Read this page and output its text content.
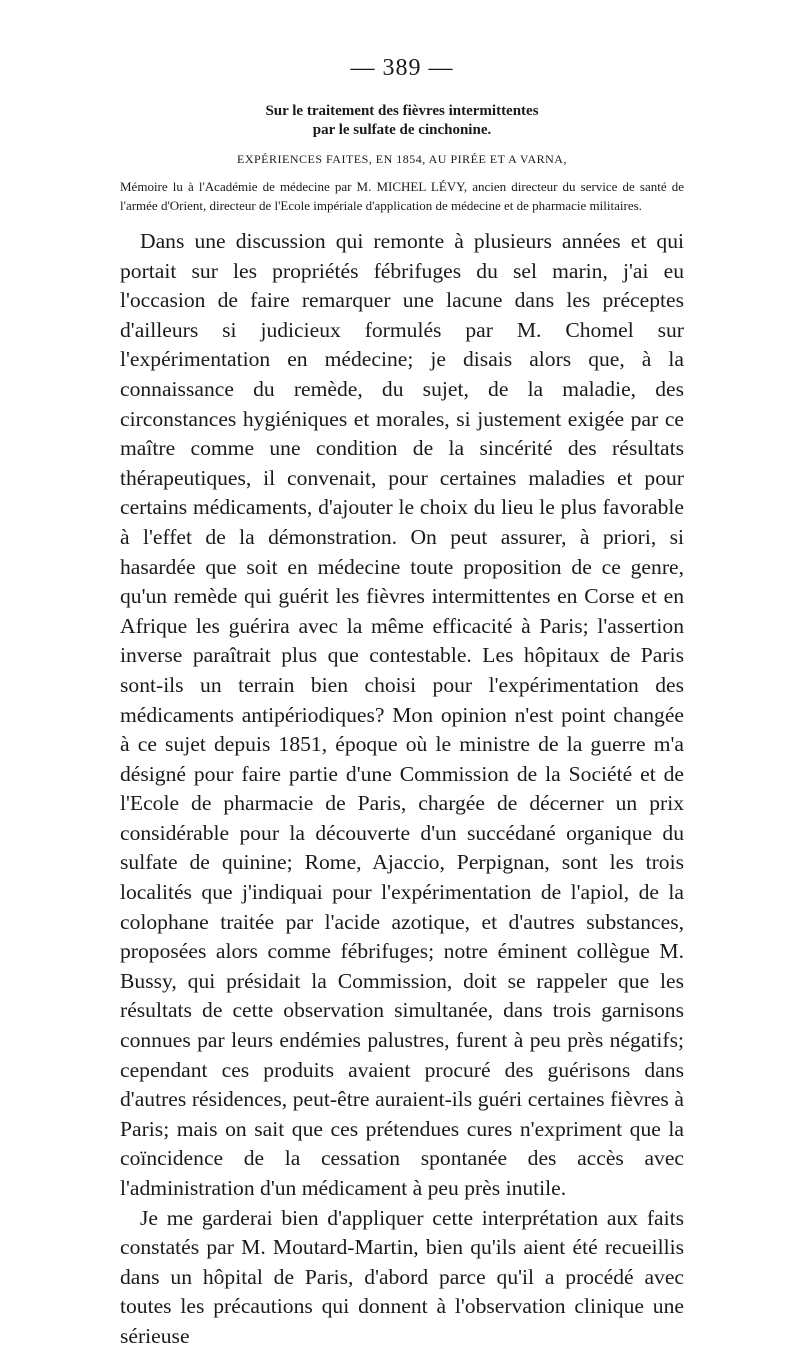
— 389 —
Sur le traitement des fièvres intermittentes
par le sulfate de cinchonine.
EXPÉRIENCES FAITES, EN 1854, AU PIRÉE ET A VARNA,
Mémoire lu à l'Académie de médecine par M. MICHEL LÉVY, ancien directeur du service de santé de l'armée d'Orient, directeur de l'Ecole impériale d'application de médecine et de pharmacie militaires.

Dans une discussion qui remonte à plusieurs années et qui portait sur les propriétés fébrifuges du sel marin, j'ai eu l'occasion de faire remarquer une lacune dans les préceptes d'ailleurs si judicieux formulés par M. Chomel sur l'expérimentation en médecine; je disais alors que, à la connaissance du remède, du sujet, de la maladie, des circonstances hygiéniques et morales, si justement exigée par ce maître comme une condition de la sincérité des résultats thérapeutiques, il convenait, pour certaines maladies et pour certains médicaments, d'ajouter le choix du lieu le plus favorable à l'effet de la démonstration. On peut assurer, à priori, si hasardée que soit en médecine toute proposition de ce genre, qu'un remède qui guérit les fièvres intermittentes en Corse et en Afrique les guérira avec la même efficacité à Paris; l'assertion inverse paraîtrait plus que contestable. Les hôpitaux de Paris sont-ils un terrain bien choisi pour l'expérimentation des médicaments antipériodiques? Mon opinion n'est point changée à ce sujet depuis 1851, époque où le ministre de la guerre m'a désigné pour faire partie d'une Commission de la Société et de l'Ecole de pharmacie de Paris, chargée de décerner un prix considérable pour la découverte d'un succédané organique du sulfate de quinine; Rome, Ajaccio, Perpignan, sont les trois localités que j'indiquai pour l'expérimentation de l'apiol, de la colophane traitée par l'acide azotique, et d'autres substances, proposées alors comme fébrifuges; notre éminent collègue M. Bussy, qui présidait la Commission, doit se rappeler que les résultats de cette observation simultanée, dans trois garnisons connues par leurs endémies palustres, furent à peu près négatifs; cependant ces produits avaient procuré des guérisons dans d'autres résidences, peut-être auraient-ils guéri certaines fièvres à Paris; mais on sait que ces prétendues cures n'expriment que la coïncidence de la cessation spontanée des accès avec l'administration d'un médicament à peu près inutile.

Je me garderai bien d'appliquer cette interprétation aux faits constatés par M. Moutard-Martin, bien qu'ils aient été recueillis dans un hôpital de Paris, d'abord parce qu'il a procédé avec toutes les précautions qui donnent à l'observation clinique une sérieuse
